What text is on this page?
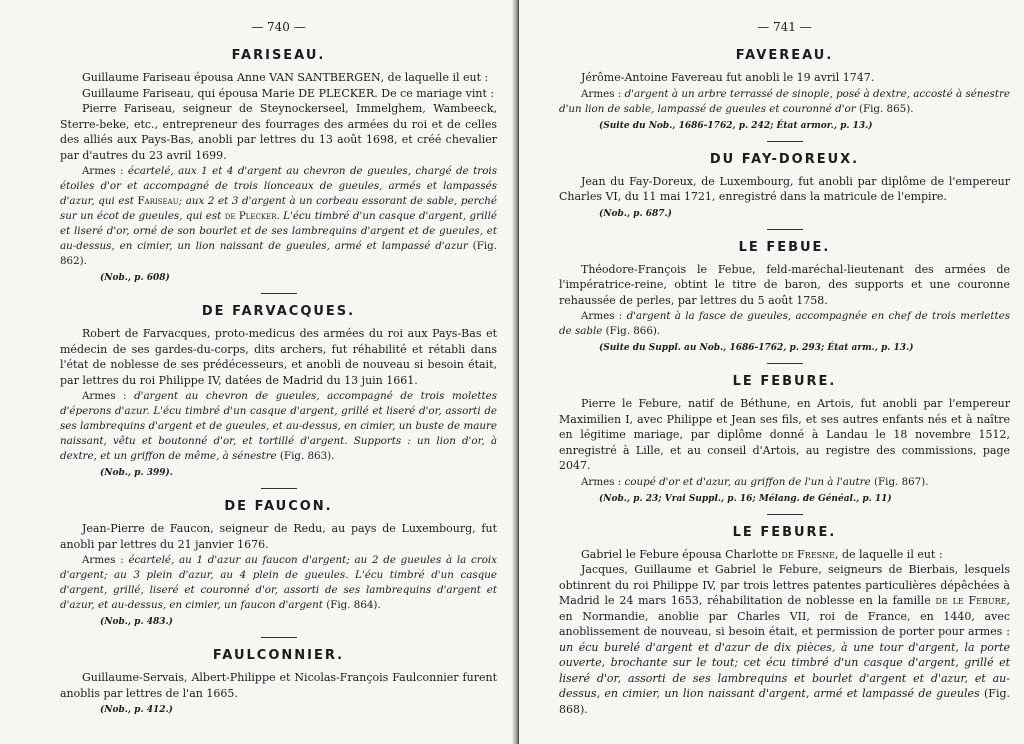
— 740 —
FARISEAU.

Guillaume Fariseau épousa Anne VAN SANTBERGEN, de laquelle il eut :

Guillaume Fariseau, qui épousa Marie DE PLECKER. De ce mariage vint :

Pierre Fariseau, seigneur de Steynockerseel, Immelghem, Wambeeck, Sterre-beke, etc., entrepreneur des fourrages des armées du roi et de celles des alliés aux Pays-Bas, anobli par lettres du 13 août 1698, et créé chevalier par d'autres du 23 avril 1699.

Armes : écartelé, aux 1 et 4 d'argent au chevron de gueules, chargé de trois étoiles d'or et accompagné de trois lionceaux de gueules, armés et lampassés d'azur, qui est Fariseau; aux 2 et 3 d'argent à un corbeau essorant de sable, perché sur un écot de gueules, qui est de Plecker. L'écu timbré d'un casque d'argent, grillé et liseré d'or, orné de son bourlet et de ses lambrequins d'argent et de gueules, et au-dessus, en cimier, un lion naissant de gueules, armé et lampassé d'azur (Fig. 862).

(Nob., p. 608)
DE FARVACQUES.

Robert de Farvacques, proto-medicus des armées du roi aux Pays-Bas et médecin de ses gardes-du-corps, dits archers, fut réhabilité et rétabli dans l'état de noblesse de ses prédécesseurs, et anobli de nouveau si besoin était, par lettres du roi Philippe IV, datées de Madrid du 13 juin 1661.

Armes : d'argent au chevron de gueules, accompagné de trois molettes d'éperons d'azur. L'écu timbré d'un casque d'argent, grillé et liseré d'or, assorti de ses lambrequins d'argent et de gueules, et au-dessus, en cimier, un buste de maure naissant, vêtu et boutonné d'or, et tortillé d'argent. Supports : un lion d'or, à dextre, et un griffon de même, à sénestre (Fig. 863).

(Nob., p. 399).
DE FAUCON.

Jean-Pierre de Faucon, seigneur de Redu, au pays de Luxembourg, fut anobli par lettres du 21 janvier 1676.

Armes : écartelé, au 1 d'azur au faucon d'argent; au 2 de gueules à la croix d'argent; au 3 plein d'azur, au 4 plein de gueules. L'écu timbré d'un casque d'argent, grillé, liseré et couronné d'or, assorti de ses lambrequins d'argent et d'azur, et au-dessus, en cimier, un faucon d'argent (Fig. 864).

(Nob., p. 483.)
FAULCONNIER.

Guillaume-Servais, Albert-Philippe et Nicolas-François Faulconnier furent anoblis par lettres de l'an 1665.

(Nob., p. 412.)
— 741 —
FAVEREAU.

Jérôme-Antoine Favereau fut anobli le 19 avril 1747.

Armes : d'argent à un arbre terrassé de sinople, posé à dextre, accosté à sénestre d'un lion de sable, lampassé de gueules et couronné d'or (Fig. 865).

(Suite du Nob., 1686-1762, p. 242; État armor., p. 13.)
DU FAY-DOREUX.

Jean du Fay-Doreux, de Luxembourg, fut anobli par diplôme de l'empereur Charles VI, du 11 mai 1721, enregistré dans la matricule de l'empire.

(Nob., p. 687.)
LE FEBUE.

Théodore-François le Febue, feld-maréchal-lieutenant des armées de l'impératrice-reine, obtint le titre de baron, des supports et une couronne rehaussée de perles, par lettres du 5 août 1758.

Armes : d'argent à la fasce de gueules, accompagnée en chef de trois merlettes de sable (Fig. 866).

(Suite du Suppl. au Nob., 1686-1762, p. 293; État arm., p. 13.)
LE FEBURE.

Pierre le Febure, natif de Béthune, en Artois, fut anobli par l'empereur Maximilien I, avec Philippe et Jean ses fils, et ses autres enfants nés et à naître en légitime mariage, par diplôme donné à Landau le 18 novembre 1512, enregistré à Lille, et au conseil d'Artois, au registre des commissions, page 2047.

Armes : coupé d'or et d'azur, au griffon de l'un à l'autre (Fig. 867).

(Nob., p. 23; Vrai Suppl., p. 16; Mélang. de Généal., p. 11)
LE FEBURE.

Gabriel le Febure épousa Charlotte de Fresne, de laquelle il eut :

Jacques, Guillaume et Gabriel le Febure, seigneurs de Bierbais, lesquels obtinrent du roi Philippe IV, par trois lettres patentes particulières dépêchées à Madrid le 24 mars 1653, réhabilitation de noblesse en la famille de le Febure, en Normandie, anoblie par Charles VII, roi de France, en 1440, avec anoblissement de nouveau, si besoin était, et permission de porter pour armes : un écu burelé d'argent et d'azur de dix pièces, à une tour d'argent, la porte ouverte, brochante sur le tout; cet écu timbré d'un casque d'argent, grillé et liseré d'or, assorti de ses lambrequins et bourlet d'argent et d'azur, et au-dessus, en cimier, un lion naissant d'argent, armé et lampassé de gueules (Fig. 868).
